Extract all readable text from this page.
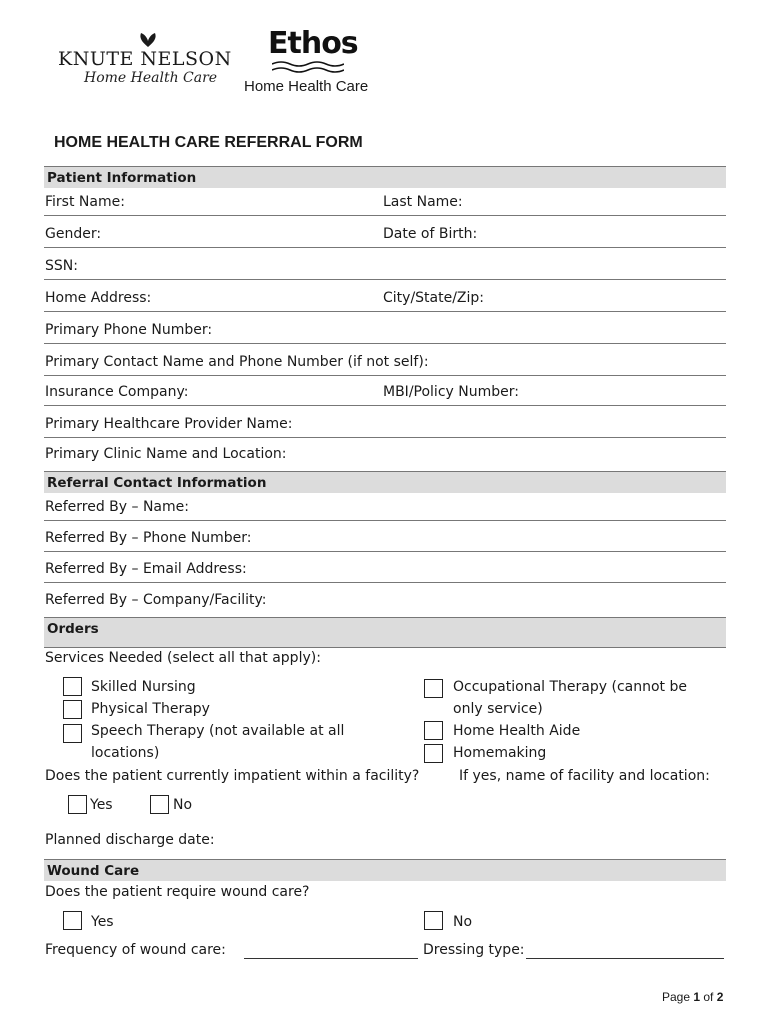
KNUTE NELSON
Home Health Care
Ethos
Home Health Care
HOME HEALTH CARE REFERRAL FORM
Patient Information
First Name:	Last Name:
Gender:	Date of Birth:
SSN:
Home Address:	City/State/Zip:
Primary Phone Number:
Primary Contact Name and Phone Number (if not self):
Insurance Company:	MBI/Policy Number:
Primary Healthcare Provider Name:
Primary Clinic Name and Location:
Referral Contact Information
Referred By – Name:
Referred By – Phone Number:
Referred By – Email Address:
Referred By – Company/Facility:
Orders
Services Needed (select all that apply):
Skilled Nursing
Physical Therapy
Speech Therapy (not available at all
locations)
Occupational Therapy (cannot be
only service)
Home Health Aide
Homemaking
Does the patient currently impatient within a facility?	If yes, name of facility and location:
Yes	No
Planned discharge date:
Wound Care
Does the patient require wound care?
Yes	No
Frequency of wound care:	Dressing type:
Page 1 of 2
